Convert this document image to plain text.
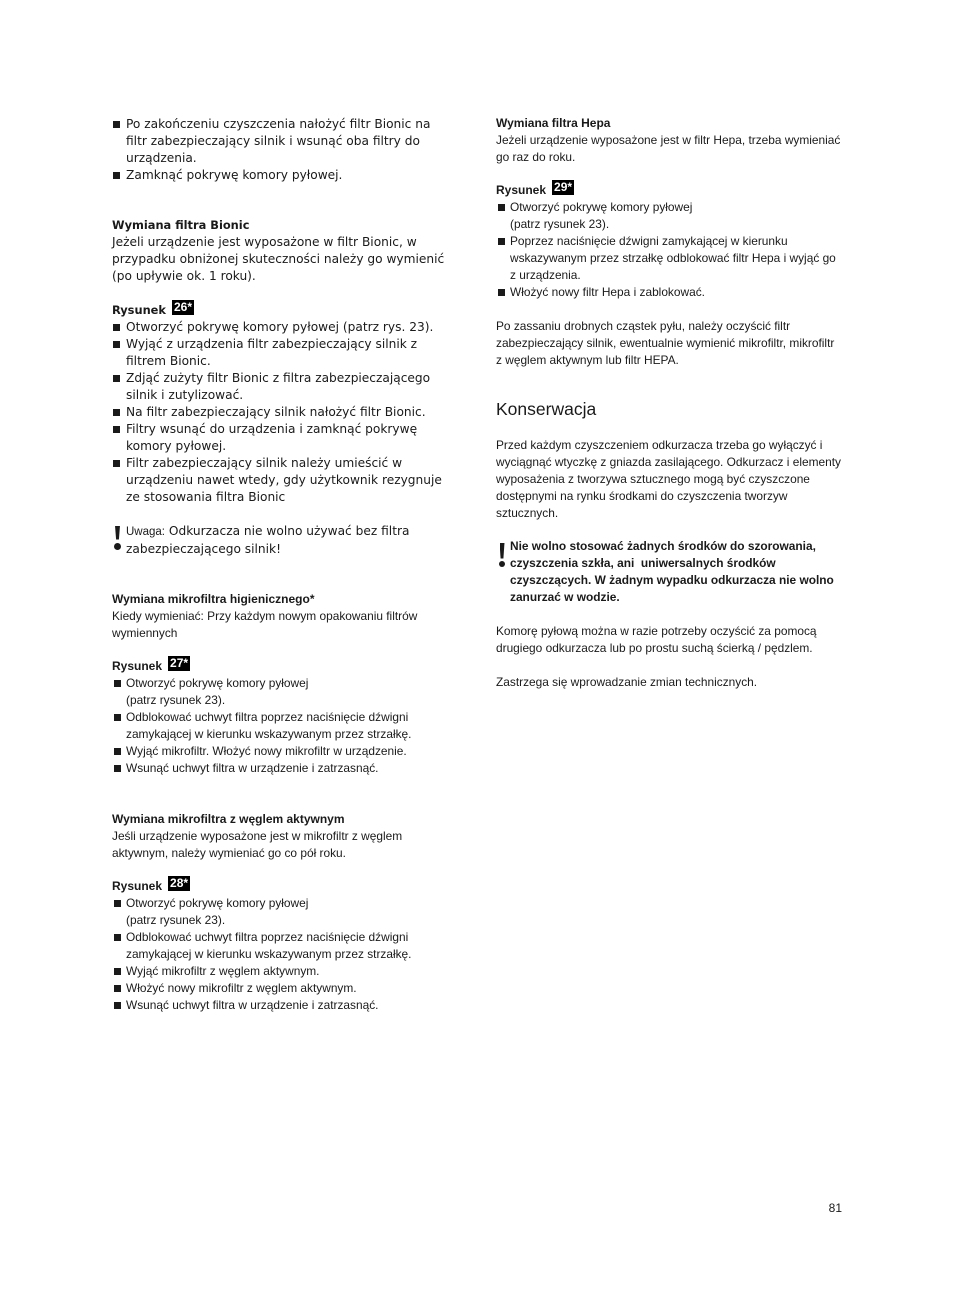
Po zakończeniu czyszczenia nałożyć filtr Bionic na
filtr zabezpieczający silnik i wsunąć oba filtry do
urządzenia.
Zamknąć pokrywę komory pyłowej.
Wymiana filtra Bionic
Jeżeli urządzenie jest wyposażone w filtr Bionic, w
przypadku obniżonej skuteczności należy go wymienić
(po upływie ok. 1 roku).
Rysunek 26*
Otworzyć pokrywę komory pyłowej (patrz rys. 23).
Wyjąć z urządzenia filtr zabezpieczający silnik z
filtrem Bionic.
Zdjąć zużyty filtr Bionic z filtra zabezpieczającego
silnik i zutylizować.
Na filtr zabezpieczający silnik nałożyć filtr Bionic.
Filtry wsunąć do urządzenia i zamknąć pokrywę
komory pyłowej.
Filtr zabezpieczający silnik należy umieścić w
urządzeniu nawet wtedy, gdy użytkownik rezygnuje
ze stosowania filtra Bionic
Uwaga: Odkurzacza nie wolno używać bez filtra
zabezpieczającego silnik!
Wymiana mikrofiltra higienicznego*
Kiedy wymieniać: Przy każdym nowym opakowaniu filtrów
wymiennych
Rysunek 27*
Otworzyć pokrywę komory pyłowej
(patrz rysunek 23).
Odblokować uchwyt filtra poprzez naciśnięcie dźwigni
zamykającej w kierunku wskazywanym przez strzałkę.
Wyjąć mikrofiltr. Włożyć nowy mikrofiltr w urządzenie.
Wsunąć uchwyt filtra w urządzenie i zatrzasnąć.
Wymiana mikrofiltra z węglem aktywnym
Jeśli urządzenie wyposażone jest w mikrofiltr z węglem
aktywnym, należy wymieniać go co pół roku.
Rysunek 28*
Otworzyć pokrywę komory pyłowej
(patrz rysunek 23).
Odblokować uchwyt filtra poprzez naciśnięcie dźwigni
zamykającej w kierunku wskazywanym przez strzałkę.
Wyjąć mikrofiltr z węglem aktywnym.
Włożyć nowy mikrofiltr z węglem aktywnym.
Wsunąć uchwyt filtra w urządzenie i zatrzasnąć.
Wymiana filtra Hepa
Jeżeli urządzenie wyposażone jest w filtr Hepa, trzeba wymieniać
go raz do roku.
Rysunek 29*
Otworzyć pokrywę komory pyłowej
(patrz rysunek 23).
Poprzez naciśnięcie dźwigni zamykającej w kierunku
wskazywanym przez strzałkę odblokować filtr Hepa i wyjąć go
z urządzenia.
Włożyć nowy filtr Hepa i zablokować.
Po zassaniu drobnych cząstek pyłu, należy oczyścić filtr
zabezpieczający silnik, ewentualnie wymienić mikrofiltr, mikrofiltr
z węglem aktywnym lub filtr HEPA.
Konserwacja
Przed każdym czyszczeniem odkurzacza trzeba go wyłączyć i
wyciągnąć wtyczkę z gniazda zasilającego. Odkurzacz i elementy
wyposażenia z tworzywa sztucznego mogą być czyszczone
dostępnymi na rynku środkami do czyszczenia tworzyw
sztucznych.
Nie wolno stosować żadnych środków do szorowania,
czyszczenia szkła, ani  uniwersalnych środków
czyszczących. W żadnym wypadku odkurzacza nie wolno
zanurzać w wodzie.
Komorę pyłową można w razie potrzeby oczyścić za pomocą
drugiego odkurzacza lub po prostu suchą ścierką / pędzlem.
Zastrzega się wprowadzanie zmian technicznych.
81
